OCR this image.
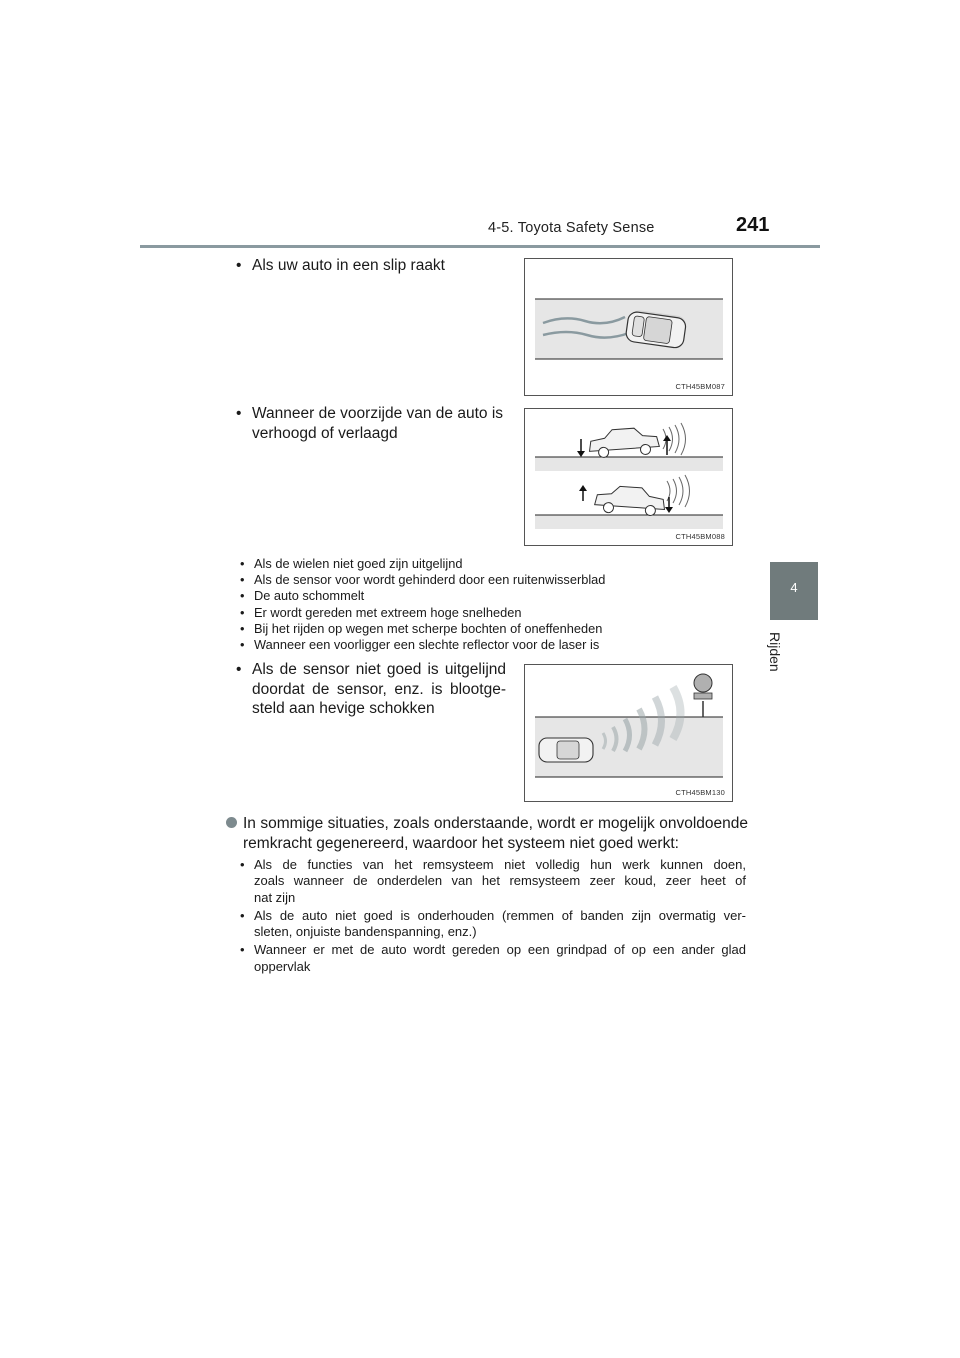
4-5. Toyota Safety Sense	241
4
Rijden
• Als uw auto in een slip raakt
CTH45BM087
• Wanneer de voorzijde van de auto is
verhoogd of verlaagd
CTH45BM088
• Als de wielen niet goed zijn uitgelijnd
• Als de sensor voor wordt gehinderd door een ruitenwisserblad
• De auto schommelt
• Er wordt gereden met extreem hoge snelheden
• Bij het rijden op wegen met scherpe bochten of oneffenheden
• Wanneer een voorligger een slechte reflector voor de laser is
• Als de sensor niet goed is uitgelijnd
doordat de sensor, enz. is blootge-
steld aan hevige schokken
CTH45BM130
In sommige situaties, zoals onderstaande, wordt er mogelijk onvoldoende
remkracht gegenereerd, waardoor het systeem niet goed werkt:
• Als de functies van het remsysteem niet volledig hun werk kunnen doen,
zoals wanneer de onderdelen van het remsysteem zeer koud, zeer heet of
nat zijn
• Als de auto niet goed is onderhouden (remmen of banden zijn overmatig ver-
sleten, onjuiste bandenspanning, enz.)
• Wanneer er met de auto wordt gereden op een grindpad of op een ander glad
oppervlak
